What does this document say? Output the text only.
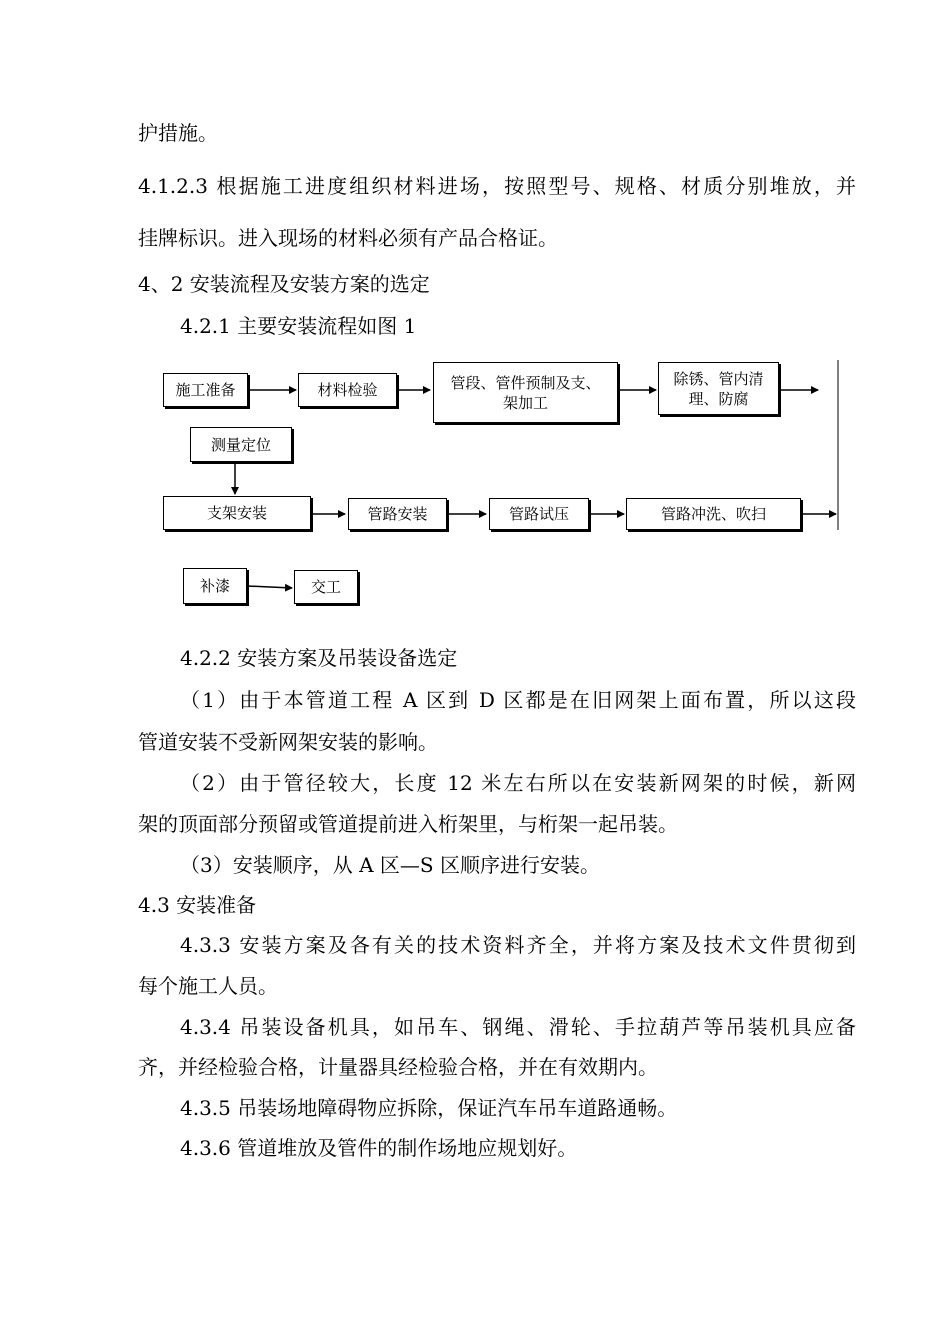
护措施。
4.1.2.3 根据施工进度组织材料进场，按照型号、规格、材质分别堆放，并
挂牌标识。进入现场的材料必须有产品合格证。
4、2 安装流程及安装方案的选定
4.2.1 主要安装流程如图 1
施工准备	材料检验	管段、管件预制及支、
架加工
除锈、管内清
理、防腐
测量定位
支架安装	管路安装	管路试压	管路冲洗、吹扫
补漆	交工
4.2.2 安装方案及吊装设备选定
（1）由于本管道工程 A 区到 D 区都是在旧网架上面布置，所以这段
管道安装不受新网架安装的影响。
（2）由于管径较大，长度 12 米左右所以在安装新网架的时候，新网
架的顶面部分预留或管道提前进入桁架里，与桁架一起吊装。
（3）安装顺序，从 A 区—S 区顺序进行安装。
4.3 安装准备
4.3.3 安装方案及各有关的技术资料齐全，并将方案及技术文件贯彻到
每个施工人员。
4.3.4 吊装设备机具，如吊车、钢绳、滑轮、手拉葫芦等吊装机具应备
齐，并经检验合格，计量器具经检验合格，并在有效期内。
4.3.5 吊装场地障碍物应拆除，保证汽车吊车道路通畅。
4.3.6 管道堆放及管件的制作场地应规划好。
